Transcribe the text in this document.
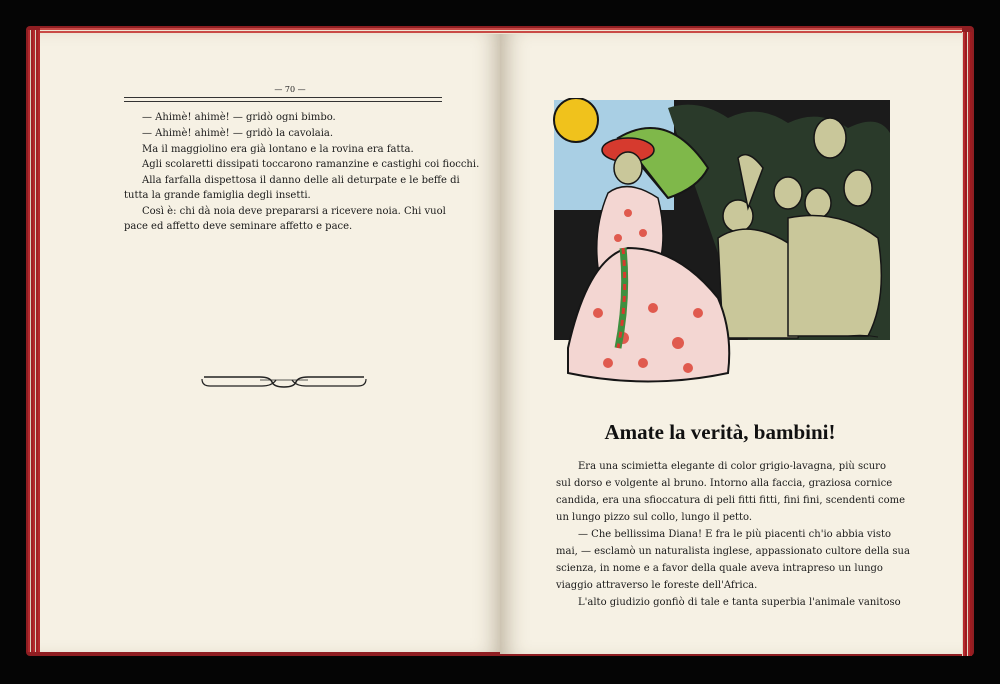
— 70 —

— Ahimè! ahimè! — gridò ogni bimbo.

— Ahimè! ahimè! — gridò la cavolaia.

Ma il maggiolino era già lontano e la rovina era fatta.

Agli scolaretti dissipati toccarono ramanzine e castighi coi fiocchi.

Alla farfalla dispettosa il danno delle ali deturpate e le beffe di

tutta la grande famiglia degli insetti.

Così è: chi dà noia deve prepararsi a ricevere noia. Chi vuol

pace ed affetto deve seminare affetto e pace.

Amate la verità, bambini!

Era una scimietta elegante di color grigio-lavagna, più scuro

sul dorso e volgente al bruno. Intorno alla faccia, graziosa cornice

candida, era una sfioccatura di peli fitti fitti, fini fini, scendenti come

un lungo pizzo sul collo, lungo il petto.

— Che bellissima Diana! E fra le più piacenti ch'io abbia visto

mai, — esclamò un naturalista inglese, appassionato cultore della sua

scienza, in nome e a favor della quale aveva intrapreso un lungo

viaggio attraverso le foreste dell'Africa.

L'alto giudizio gonfiò di tale e tanta superbia l'animale vanitoso
